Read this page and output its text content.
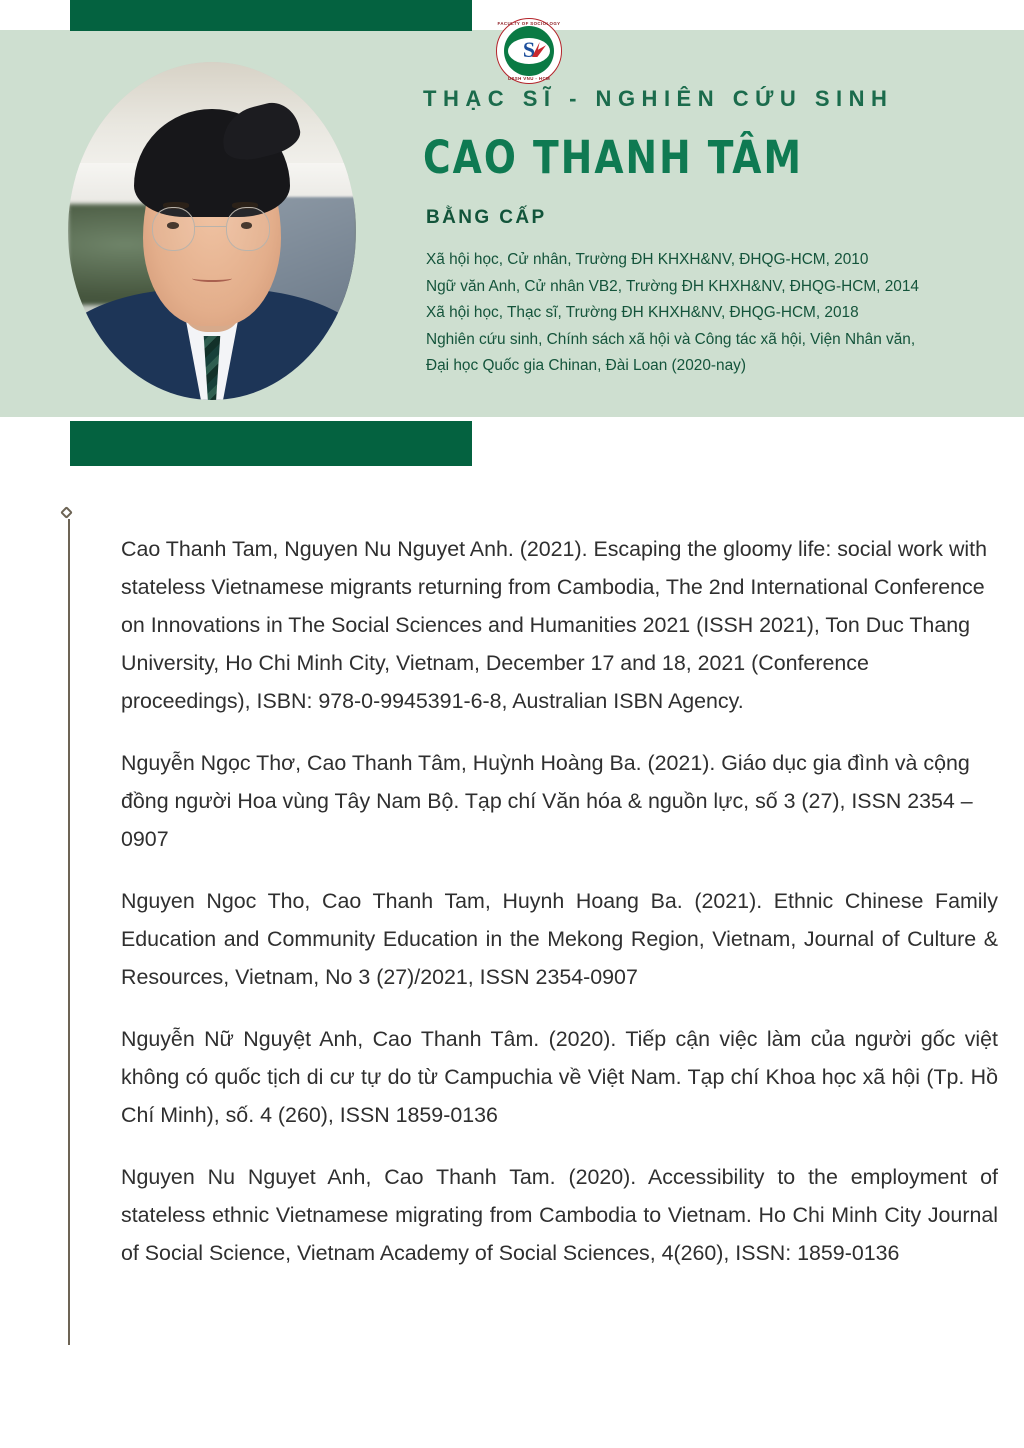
S
FACULTY OF SOCIOLOGY
USSH VNU - HCM
THẠC SĨ - NGHIÊN CỨU SINH
CAO THANH TÂM
BẰNG CẤP
Xã hội học, Cử nhân, Trường ĐH KHXH&NV, ĐHQG-HCM, 2010
Ngữ văn Anh, Cử nhân VB2, Trường ĐH KHXH&NV, ĐHQG-HCM, 2014
Xã hội học, Thạc sĩ, Trường ĐH KHXH&NV, ĐHQG-HCM, 2018
Nghiên cứu sinh, Chính sách xã hội và Công tác xã hội, Viện Nhân văn,
Đại học Quốc gia Chinan, Đài Loan (2020-nay)

Cao Thanh Tam, Nguyen Nu Nguyet Anh. (2021). Escaping the gloomy life: social work with stateless Vietnamese migrants returning from Cambodia, The 2nd International Conference on Innovations in The Social Sciences and Humanities 2021 (ISSH 2021), Ton Duc Thang University, Ho Chi Minh City, Vietnam, December 17 and 18, 2021 (Conference proceedings), ISBN: 978-0-9945391-6-8, Australian ISBN Agency.

Nguyễn Ngọc Thơ, Cao Thanh Tâm, Huỳnh Hoàng Ba. (2021). Giáo dục gia đình và cộng đồng người Hoa vùng Tây Nam Bộ. Tạp chí Văn hóa & nguồn lực, số 3 (27), ISSN 2354 – 0907

Nguyen Ngoc Tho, Cao Thanh Tam, Huynh Hoang Ba. (2021). Ethnic Chinese Family Education and Community Education in the Mekong Region, Vietnam, Journal of Culture & Resources, Vietnam, No 3 (27)/2021, ISSN 2354-0907

Nguyễn Nữ Nguyệt Anh, Cao Thanh Tâm. (2020). Tiếp cận việc làm của người gốc việt không có quốc tịch di cư tự do từ Campuchia về Việt Nam. Tạp chí Khoa học xã hội (Tp. Hồ Chí Minh), số. 4 (260), ISSN 1859-0136

Nguyen Nu Nguyet Anh, Cao Thanh Tam. (2020). Accessibility to the employment of stateless ethnic Vietnamese migrating from Cambodia to Vietnam. Ho Chi Minh City Journal of Social Science, Vietnam Academy of Social Sciences, 4(260), ISSN: 1859-0136
